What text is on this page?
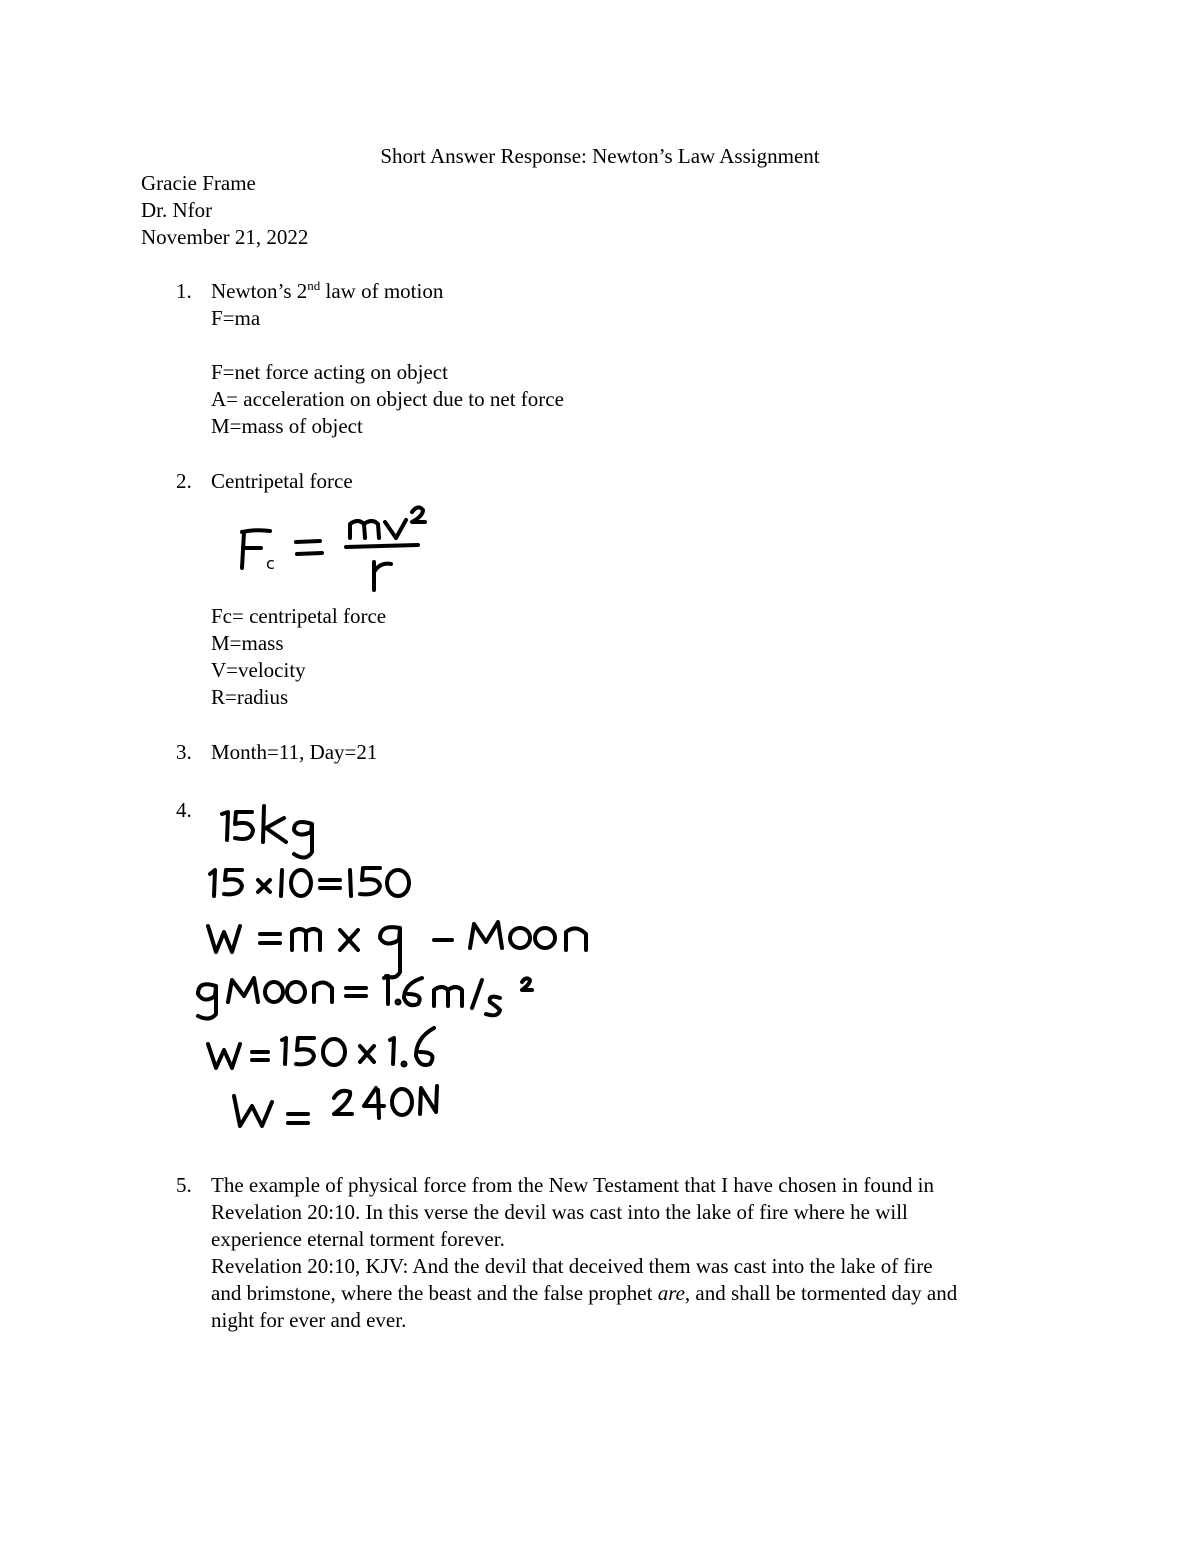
Short Answer Response: Newton’s Law Assignment
Gracie Frame
Dr. Nfor
November 21, 2022
1. Newton’s 2nd law of motion
F=ma
F=net force acting on object
A= acceleration on object due to net force
M=mass of object
2. Centripetal force
c
Fc= centripetal force
M=mass
V=velocity
R=radius
3. Month=11, Day=21
4.
5. The example of physical force from the New Testament that I have chosen in found in
Revelation 20:10. In this verse the devil was cast into the lake of fire where he will
experience eternal torment forever.
Revelation 20:10, KJV: And the devil that deceived them was cast into the lake of fire
and brimstone, where the beast and the false prophet are, and shall be tormented day and
night for ever and ever.
